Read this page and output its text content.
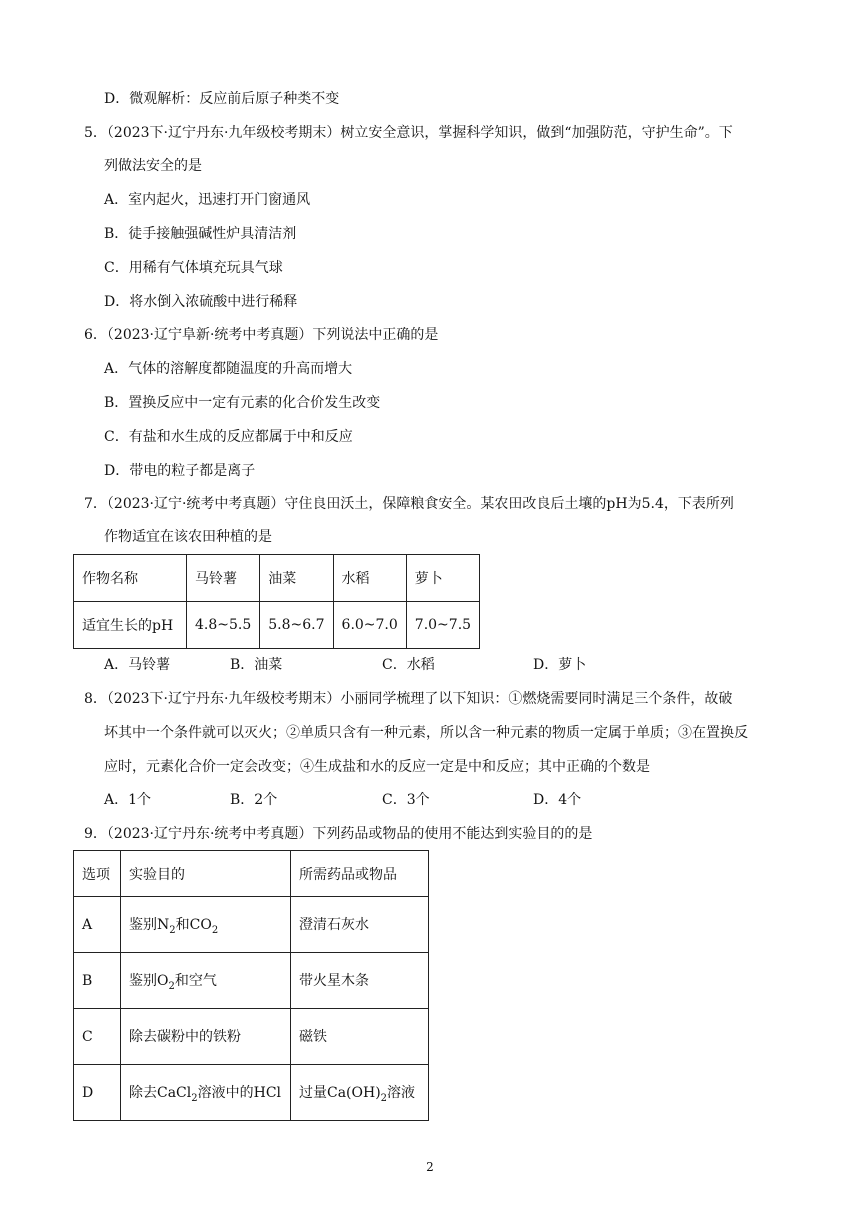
D．微观解析：反应前后原子种类不变
5．（2023下·辽宁丹东·九年级校考期末）树立安全意识，掌握科学知识，做到“加强防范，守护生命”。下
列做法安全的是
A．室内起火，迅速打开门窗通风
B．徒手接触强碱性炉具清洁剂
C．用稀有气体填充玩具气球
D．将水倒入浓硫酸中进行稀释
6．（2023·辽宁阜新·统考中考真题）下列说法中正确的是
A．气体的溶解度都随温度的升高而增大
B．置换反应中一定有元素的化合价发生改变
C．有盐和水生成的反应都属于中和反应
D．带电的粒子都是离子
7．（2023·辽宁·统考中考真题）守住良田沃土，保障粮食安全。某农田改良后土壤的pH为5.4，下表所列
作物适宜在该农田种植的是
作物名称	马铃薯	油菜	水稻	萝卜
适宜生长的pH	4.8~5.5	5.8~6.7	6.0~7.0	7.0~7.5
A．马铃薯	B．油菜	C．水稻	D．萝卜
8．（2023下·辽宁丹东·九年级校考期末）小丽同学梳理了以下知识：①燃烧需要同时满足三个条件，故破
坏其中一个条件就可以灭火；②单质只含有一种元素，所以含一种元素的物质一定属于单质；③在置换反
应时，元素化合价一定会改变；④生成盐和水的反应一定是中和反应；其中正确的个数是
A．1个	B．2个	C．3个	D．4个
9．（2023·辽宁丹东·统考中考真题）下列药品或物品的使用不能达到实验目的的是
选项	实验目的	所需药品或物品
A	鉴别$N_2$和$CO_2$	澄清石灰水
B	鉴别$O_2$和空气	带火星木条
C	除去碳粉中的铁粉	磁铁
D	除去CaCl$_2$溶液中的HCl	过量$Ca(OH)_2$溶液
2
